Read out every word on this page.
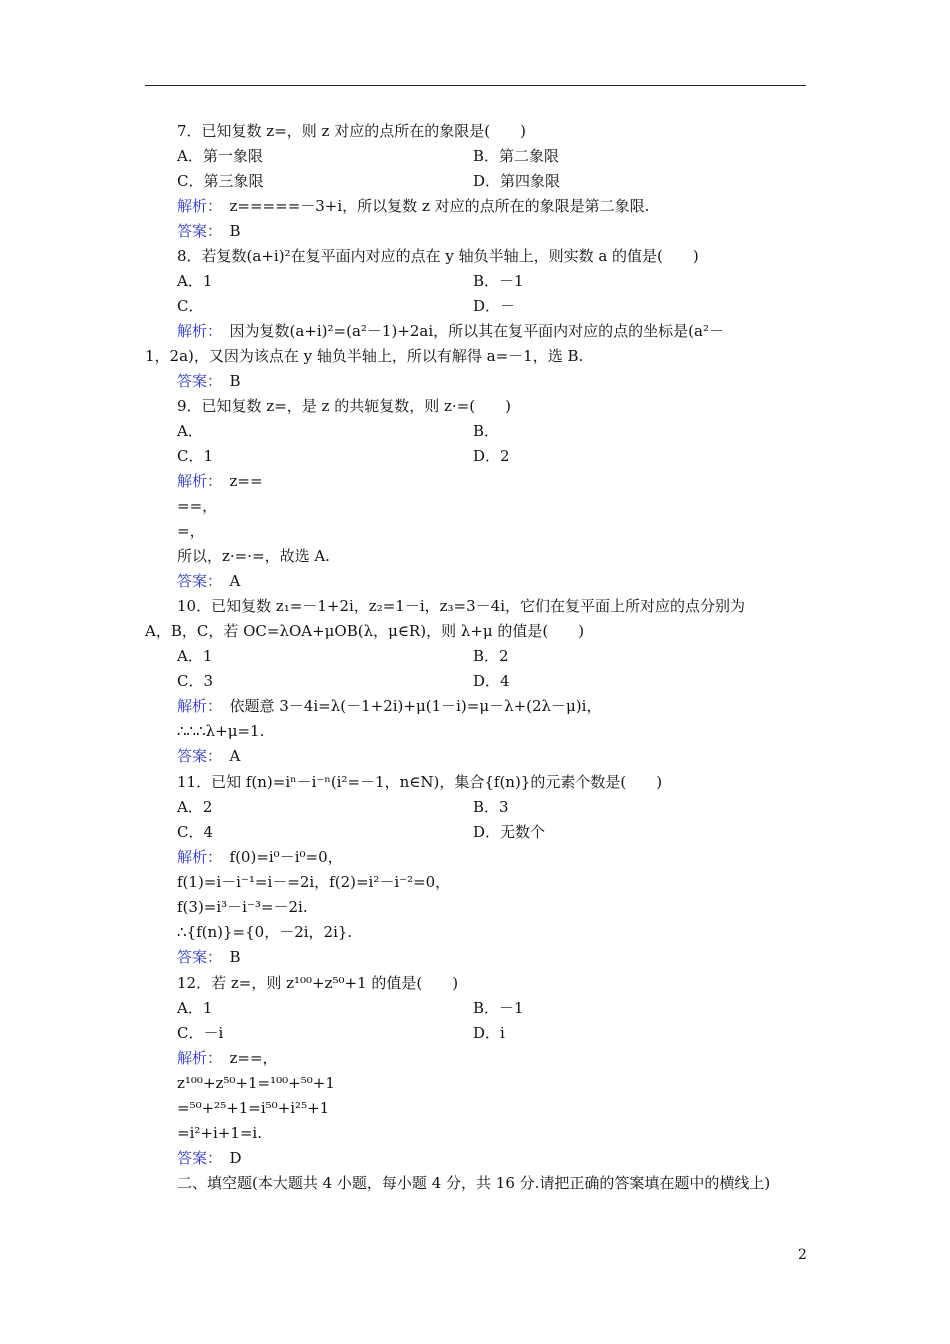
7．已知复数 z=，则 z 对应的点所在的象限是(　　)
A．第一象限	B．第二象限
C．第三象限	D．第四象限
解析：　z=====－3+i，所以复数 z 对应的点所在的象限是第二象限.
答案：　B
8．若复数(a+i)²在复平面内对应的点在 y 轴负半轴上，则实数 a 的值是(　　)
A．1	B．－1
C．	D．－
解析：　因为复数(a+i)²=(a²－1)+2ai，所以其在复平面内对应的点的坐标是(a²－
1，2a)，又因为该点在 y 轴负半轴上，所以有解得 a=－1，选 B.
答案：　B
9．已知复数 z=，是 z 的共轭复数，则 z·=(　　)
A．	B．
C．1	D．2
解析：　z==
==，
=，
所以，z·=·=，故选 A.
答案：　A
10．已知复数 z₁=－1+2i，z₂=1－i，z₃=3－4i，它们在复平面上所对应的点分别为
A，B，C，若 OC=λOA+μOB(λ，μ∈R)，则 λ+μ 的值是(　　)
A．1	B．2
C．3	D．4
解析：　依题意 3－4i=λ(－1+2i)+μ(1－i)=μ－λ+(2λ－μ)i，
∴∴∴λ+μ=1.
答案：　A
11．已知 f(n)=iⁿ－i⁻ⁿ(i²=－1，n∈N)，集合{f(n)}的元素个数是(　　)
A．2	B．3
C．4	D．无数个
解析：　f(0)=i⁰－i⁰=0，
f(1)=i－i⁻¹=i－=2i，f(2)=i²－i⁻²=0，
f(3)=i³－i⁻³=－2i.
∴{f(n)}={0，－2i，2i}.
答案：　B
12．若 z=，则 z¹⁰⁰+z⁵⁰+1 的值是(　　)
A．1	B．－1
C．－i	D．i
解析：　z==，
z¹⁰⁰+z⁵⁰+1=¹⁰⁰+⁵⁰+1
=⁵⁰+²⁵+1=i⁵⁰+i²⁵+1
=i²+i+1=i.
答案：　D
二、填空题(本大题共 4 小题，每小题 4 分，共 16 分.请把正确的答案填在题中的横线上)
2
